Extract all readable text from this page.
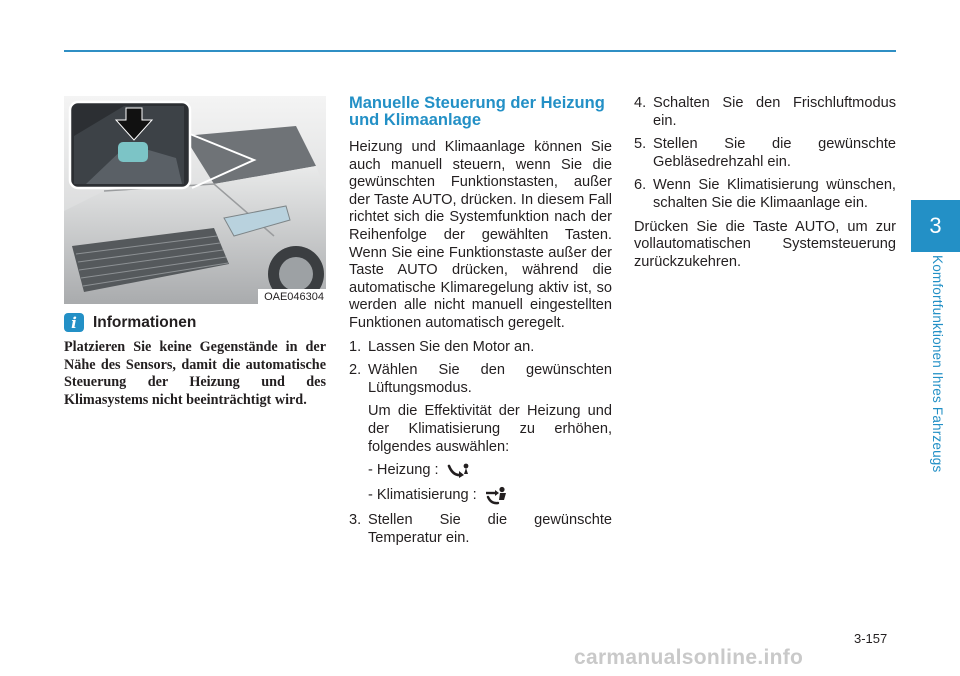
3
Komfortfunktionen Ihres Fahrzeugs
OAE046304
i	Informationen
Platzieren Sie keine Gegenstände in der Nähe des Sensors, damit die automatische Steuerung der Heizung und des Klimasystems nicht beeinträchtigt wird.
Manuelle Steuerung der Heizung und Klimaanlage
Heizung und Klimaanlage können Sie auch manuell steuern, wenn Sie die gewünschten Funktionstasten, außer der Taste AUTO, drücken. In diesem Fall richtet sich die Systemfunktion nach der Reihenfolge der gewählten Tasten. Wenn Sie eine Funktionstaste außer der Taste AUTO drücken, während die automatische Klimaregelung aktiv ist, so werden alle nicht manuell eingestellten Funktionen automatisch geregelt.
1. Lassen Sie den Motor an.
2. Wählen Sie den gewünschten Lüftungsmodus.
Um die Effektivität der Heizung und der Klimatisierung zu erhöhen, folgendes auswählen:
- Heizung :
- Klimatisierung :
3. Stellen Sie die gewünschte Temperatur ein.
4. Schalten Sie den Frischluftmodus ein.
5. Stellen Sie die gewünschte Gebläsedrehzahl ein.
6. Wenn Sie Klimatisierung wünschen, schalten Sie die Klimaanlage ein.
Drücken Sie die Taste AUTO, um zur vollautomatischen Systemsteuerung zurückzukehren.
3-157
carmanualsonline.info
